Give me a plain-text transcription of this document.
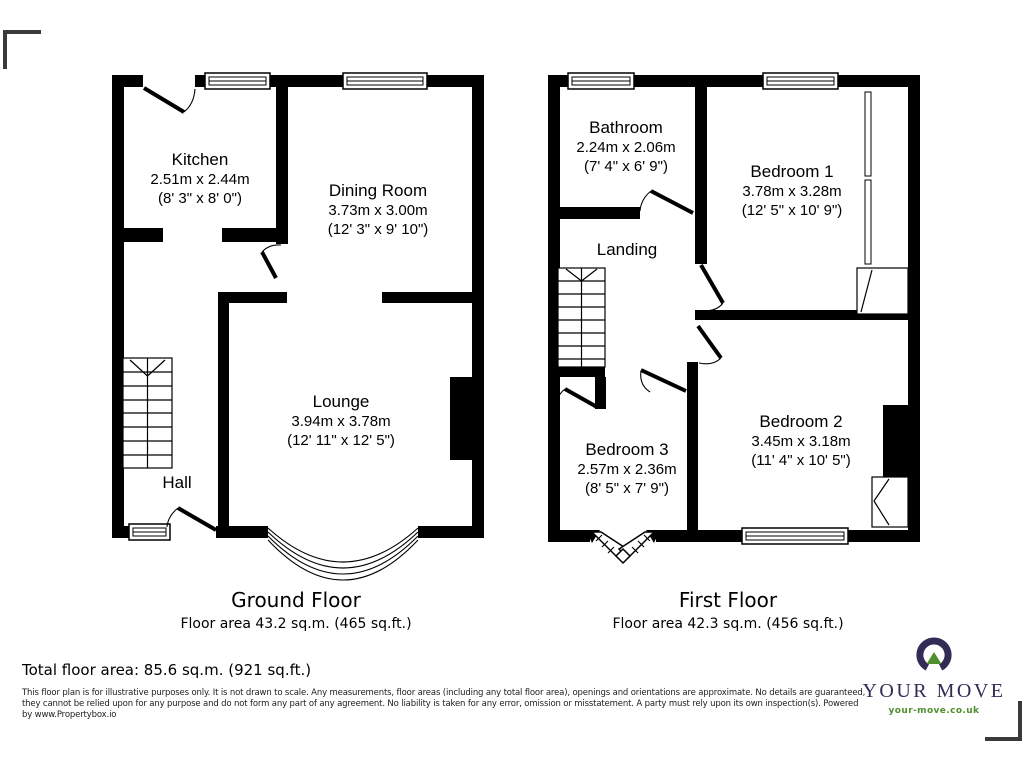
Kitchen
2.51m x 2.44m
(8' 3" x 8' 0")	Dining Room
3.73m x 3.00m
(12' 3" x 9' 10")
Lounge
3.94m x 3.78m
(12' 11" x 12' 5")
Hall
Bathroom
2.24m x 2.06m
(7' 4" x 6' 9")	Bedroom 1
3.78m x 3.28m
(12' 5" x 10' 9")
Landing
Bedroom 3
2.57m x 2.36m
(8' 5" x 7' 9")
Bedroom 2
3.45m x 3.18m
(11' 4" x 10' 5")
Ground Floor
Floor area 43.2 sq.m. (465 sq.ft.)
First Floor
Floor area 42.3 sq.m. (456 sq.ft.)
Total floor area: 85.6 sq.m. (921 sq.ft.)
This floor plan is for illustrative purposes only. It is not drawn to scale. Any measurements, floor areas (including any total floor area), openings and orientations are approximate. No details are guaranteed, they cannot be relied upon for any purpose and do not form any part of any agreement. No liability is taken for any error, omission or misstatement. A party must rely upon its own inspection(s). Powered by www.Propertybox.io
YOUR MOVE
your-move.co.uk
